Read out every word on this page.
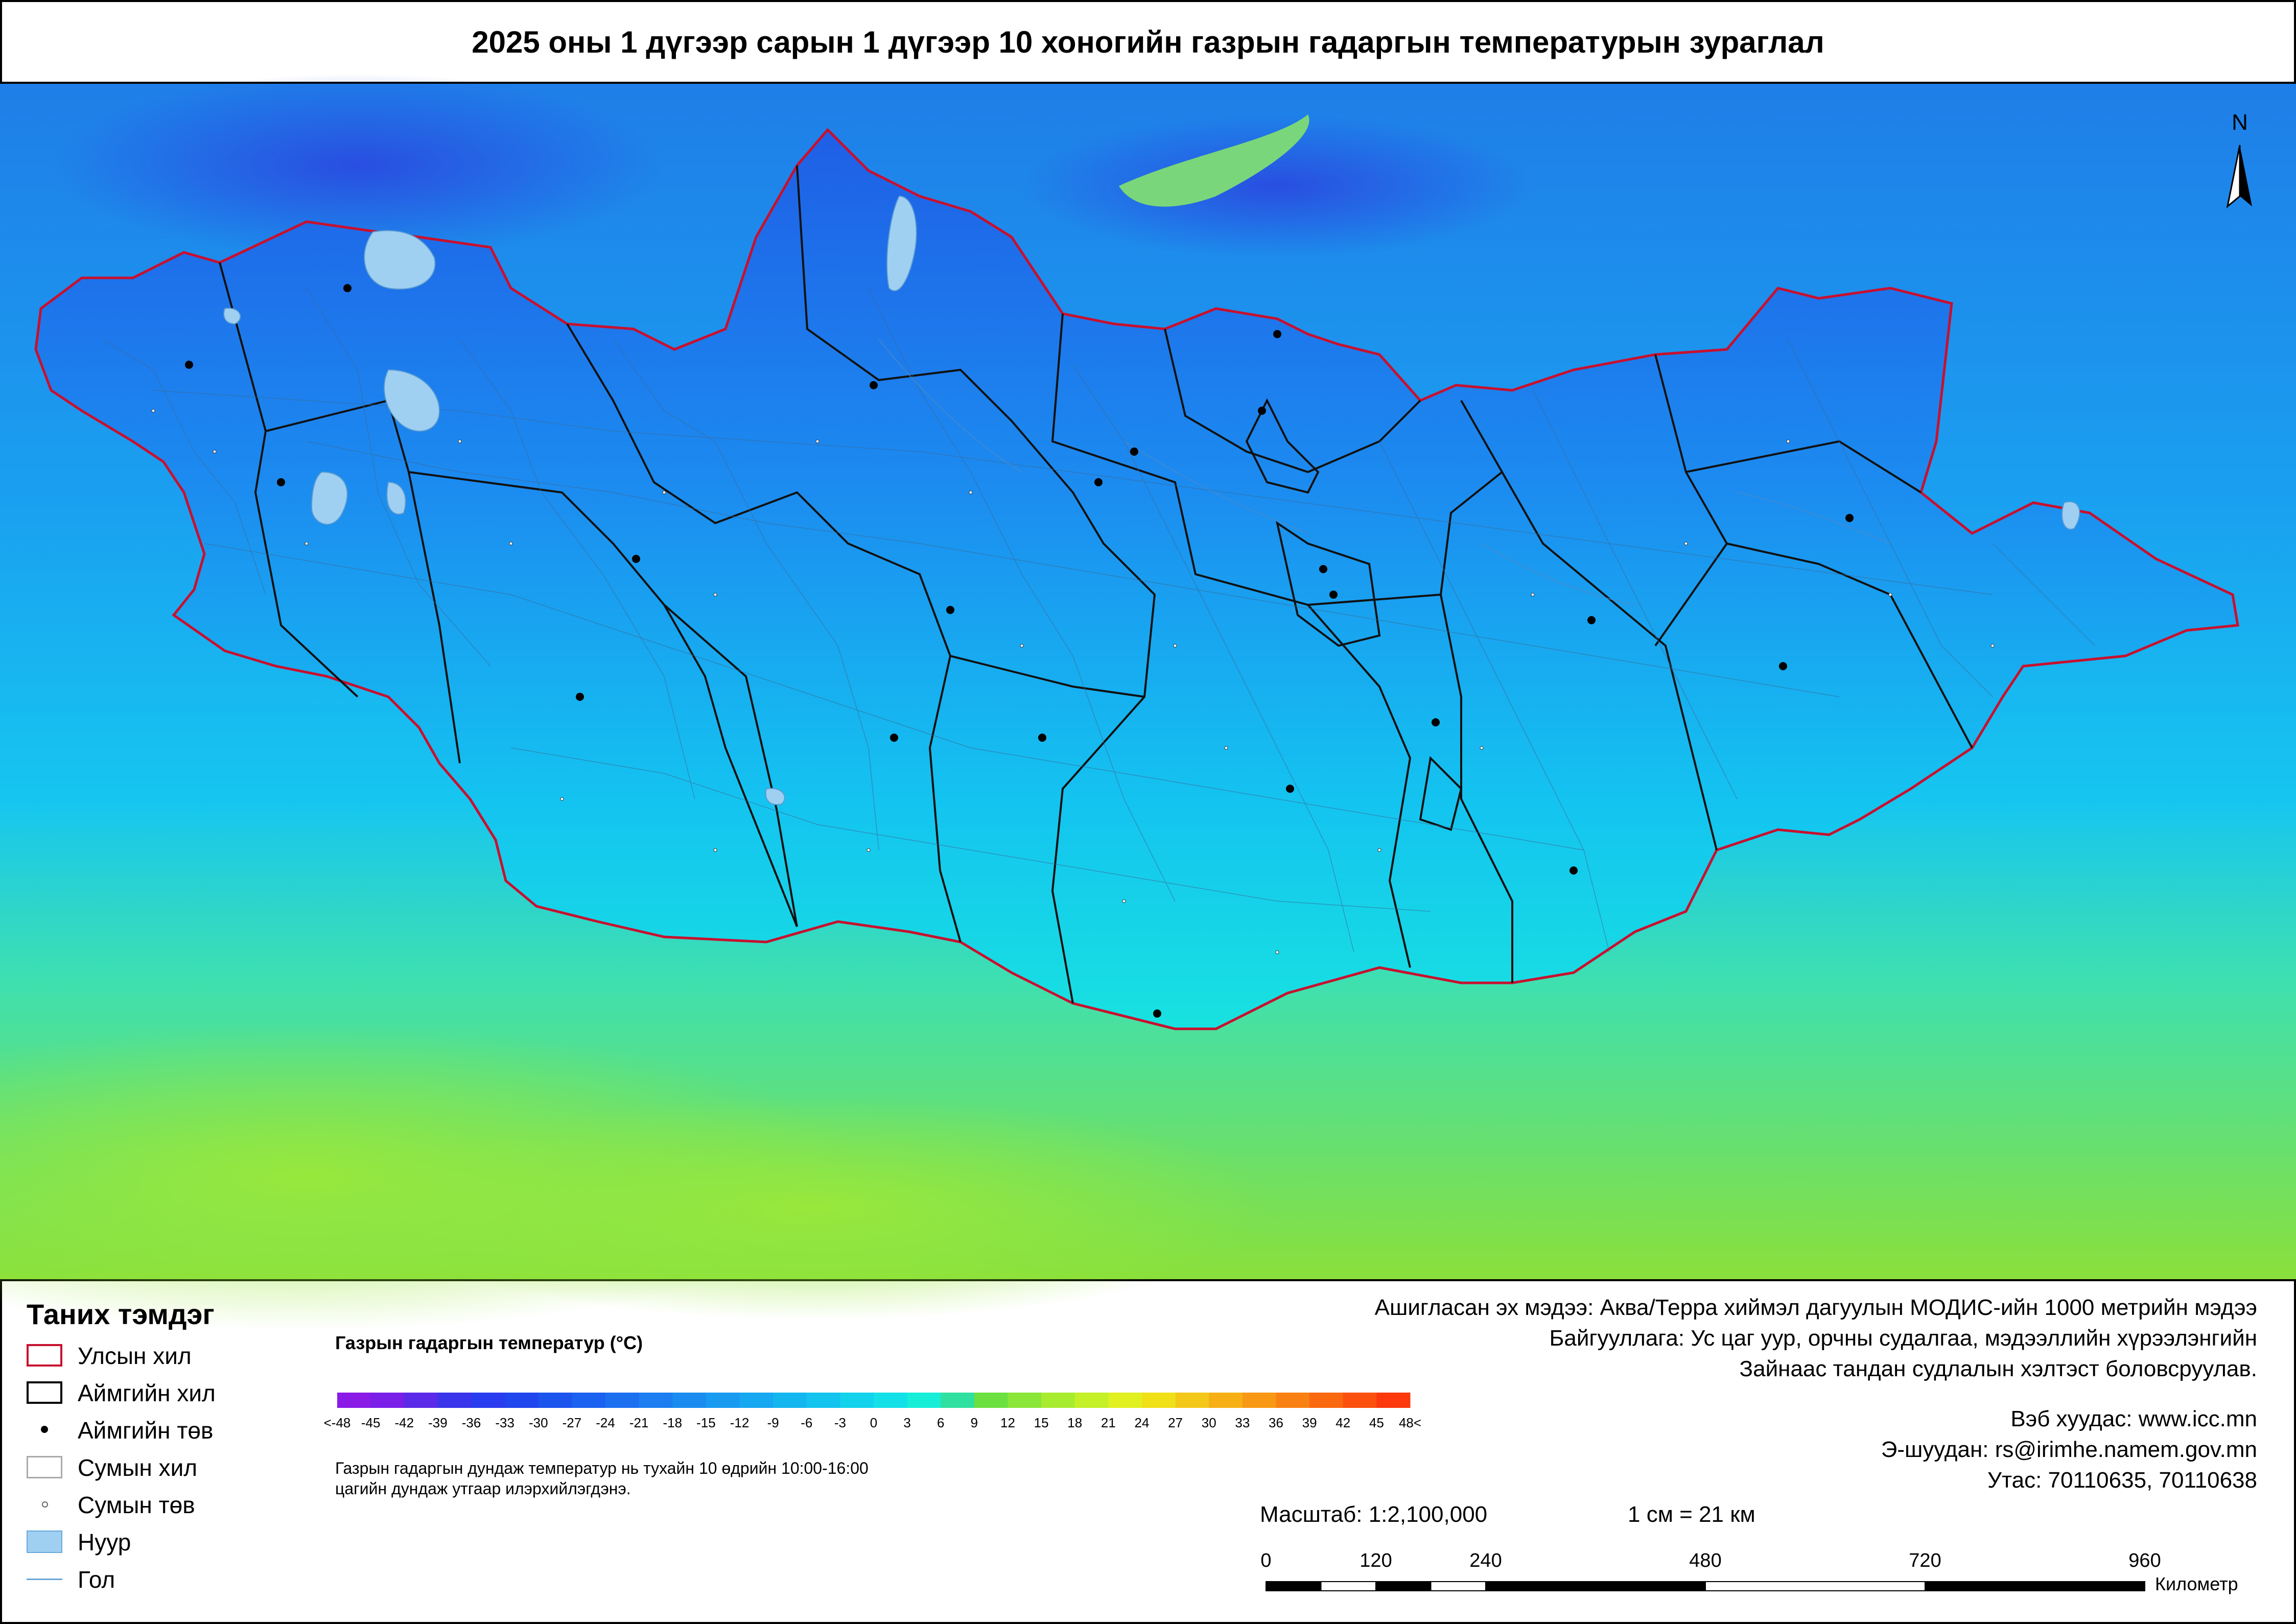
2025 оны 1 дүгээр сарын 1 дүгээр 10 хоногийн газрын гадаргын температурын зураглал
N
Таних тэмдэг
Улсын хил
Аймгийн хил
Аймгийн төв
Сумын хил
Сумын төв
Нуур
Гол
Газрын гадаргын температур (°C)
<-48 -45 -42 -39 -36 -33 -30 -27 -24 -21 -18 -15 -12 -9 -6 -3 0 3 6 9 12 15 18 21 24 27 30 33 36 39 42 45 48<
Газрын гадаргын дундаж температур нь тухайн 10 өдрийн 10:00-16:00 цагийн дундаж утгаар илэрхийлэгдэнэ.
Ашигласан эх мэдээ: Аква/Терра хиймэл дагуулын МОДИС-ийн 1000 метрийн мэдээ
Байгууллага: Ус цаг уур, орчны судалгаа, мэдээллийн хүрээлэнгийн
Зайнаас тандан судлалын хэлтэст боловсруулав.
Вэб хуудас: www.icc.mn
Э-шуудан: rs@irimhe.namem.gov.mn
Утас: 70110635, 70110638
Масштаб: 1:2,100,000	1 см = 21 км
0	120	240	480	720	960
Километр
